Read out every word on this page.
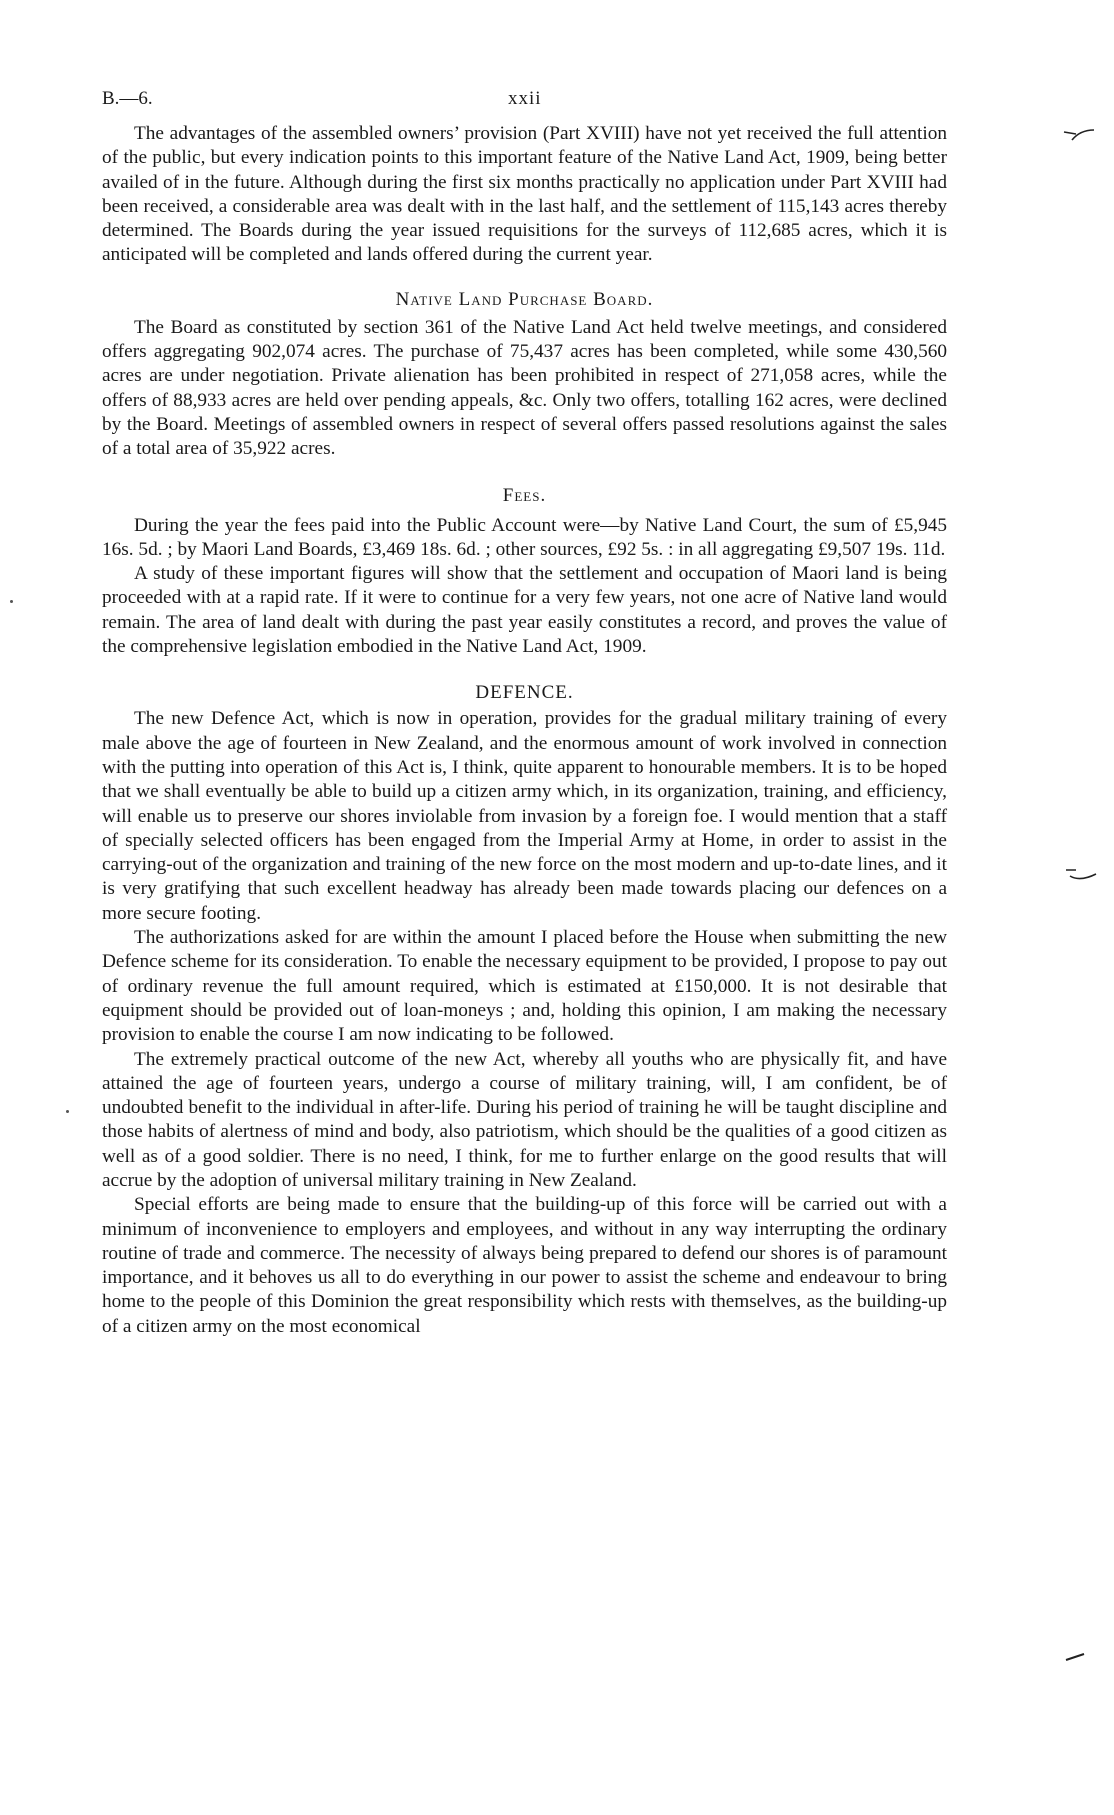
B.—6.	xxii

The advantages of the assembled owners’ provision (Part XVIII) have not yet received the full attention of the public, but every indication points to this important feature of the Native Land Act, 1909, being better availed of in the future. Although during the first six months practically no application under Part XVIII had been received, a considerable area was dealt with in the last half, and the settlement of 115,143 acres thereby determined. The Boards during the year issued requisitions for the surveys of 112,685 acres, which it is anticipated will be completed and lands offered during the current year.

Native Land Purchase Board.

The Board as constituted by section 361 of the Native Land Act held twelve meetings, and considered offers aggregating 902,074 acres. The purchase of 75,437 acres has been completed, while some 430,560 acres are under negotiation. Private alienation has been prohibited in respect of 271,058 acres, while the offers of 88,933 acres are held over pending appeals, &c. Only two offers, totalling 162 acres, were declined by the Board. Meetings of assembled owners in respect of several offers passed resolutions against the sales of a total area of 35,922 acres.

Fees.

During the year the fees paid into the Public Account were—by Native Land Court, the sum of £5,945 16s. 5d. ; by Maori Land Boards, £3,469 18s. 6d. ; other sources, £92 5s. : in all aggregating £9,507 19s. 11d.

A study of these important figures will show that the settlement and occupation of Maori land is being proceeded with at a rapid rate. If it were to continue for a very few years, not one acre of Native land would remain. The area of land dealt with during the past year easily constitutes a record, and proves the value of the comprehensive legislation embodied in the Native Land Act, 1909.

DEFENCE.

The new Defence Act, which is now in operation, provides for the gradual military training of every male above the age of fourteen in New Zealand, and the enormous amount of work involved in connection with the putting into operation of this Act is, I think, quite apparent to honourable members. It is to be hoped that we shall eventually be able to build up a citizen army which, in its organization, training, and efficiency, will enable us to preserve our shores inviolable from invasion by a foreign foe. I would mention that a staff of specially selected officers has been engaged from the Imperial Army at Home, in order to assist in the carrying-out of the organization and training of the new force on the most modern and up-to-date lines, and it is very gratifying that such excellent headway has already been made towards placing our defences on a more secure footing.

The authorizations asked for are within the amount I placed before the House when submitting the new Defence scheme for its consideration. To enable the necessary equipment to be provided, I propose to pay out of ordinary revenue the full amount required, which is estimated at £150,000. It is not desirable that equipment should be provided out of loan-moneys ; and, holding this opinion, I am making the necessary provision to enable the course I am now indicating to be followed.

The extremely practical outcome of the new Act, whereby all youths who are physically fit, and have attained the age of fourteen years, undergo a course of military training, will, I am confident, be of undoubted benefit to the individual in after-life. During his period of training he will be taught discipline and those habits of alertness of mind and body, also patriotism, which should be the qualities of a good citizen as well as of a good soldier. There is no need, I think, for me to further enlarge on the good results that will accrue by the adoption of universal military training in New Zealand.

Special efforts are being made to ensure that the building-up of this force will be carried out with a minimum of inconvenience to employers and employees, and without in any way interrupting the ordinary routine of trade and commerce. The necessity of always being prepared to defend our shores is of paramount importance, and it behoves us all to do everything in our power to assist the scheme and endeavour to bring home to the people of this Dominion the great responsibility which rests with themselves, as the building-up of a citizen army on the most economical
